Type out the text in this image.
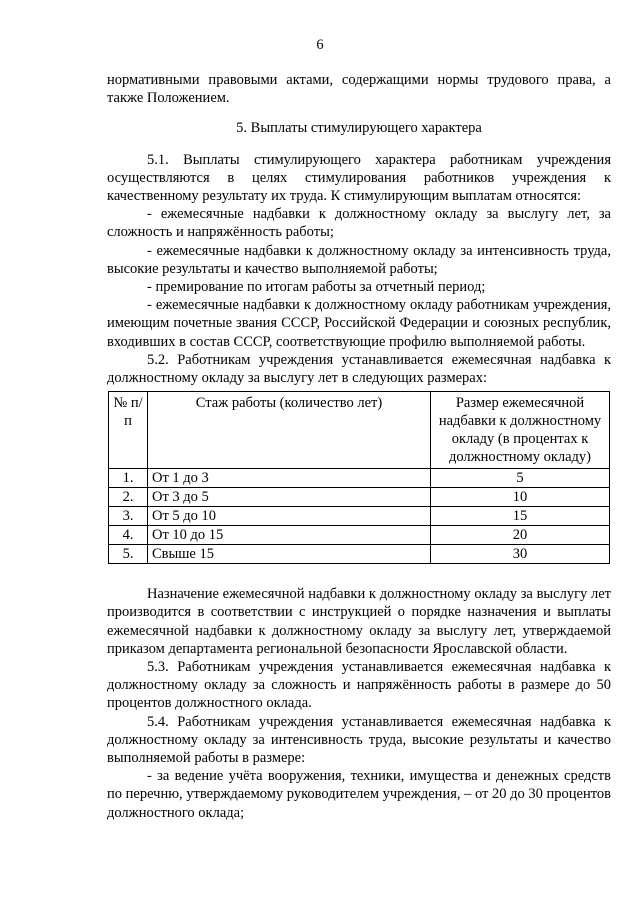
6

нормативными правовыми актами, содержащими нормы трудового права, а

также Положением.

5. Выплаты стимулирующего характера

5.1. Выплаты стимулирующего характера работникам учреждения осуществляются в целях стимулирования работников учреждения к качественному результату их труда. К стимулирующим выплатам относятся:

- ежемесячные надбавки к должностному окладу за выслугу лет, за сложность и напряжённость работы;

- ежемесячные надбавки к должностному окладу за интенсивность труда, высокие результаты и качество выполняемой работы;

- премирование по итогам работы за отчетный период;

- ежемесячные надбавки к должностному окладу работникам учреждения, имеющим почетные звания СССР, Российской Федерации и союзных республик, входивших в состав СССР, соответствующие профилю выполняемой работы.

5.2. Работникам учреждения устанавливается ежемесячная надбавка к должностному окладу за выслугу лет в следующих размерах:

№ п/п	Стаж работы (количество лет)	Размер ежемесячной надбавки к должностному окладу (в процентах к должностному окладу)
1.	От 1 до 3	5
2.	От 3 до 5	10
3.	От 5 до 10	15
4.	От 10 до 15	20
5.	Свыше 15	30

Назначение ежемесячной надбавки к должностному окладу за выслугу лет производится в соответствии с инструкцией о порядке назначения и выплаты ежемесячной надбавки к должностному окладу за выслугу лет, утверждаемой приказом департамента региональной безопасности Ярославской области.

5.3. Работникам учреждения устанавливается ежемесячная надбавка к должностному окладу за сложность и напряжённость работы в размере до 50 процентов должностного оклада.

5.4. Работникам учреждения устанавливается ежемесячная надбавка к должностному окладу за интенсивность труда, высокие результаты и качество выполняемой работы в размере:

- за ведение учёта вооружения, техники, имущества и денежных средств по перечню, утверждаемому руководителем учреждения, – от 20 до 30 процентов должностного оклада;
